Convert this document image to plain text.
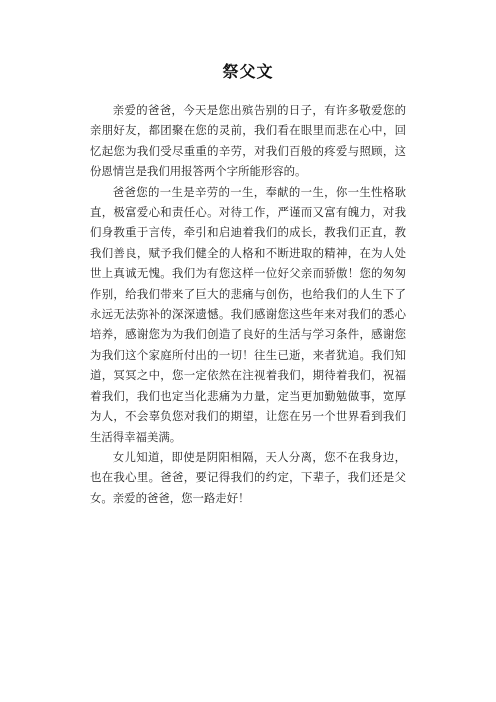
祭父文

亲爱的爸爸，今天是您出殡告别的日子，有许多敬爱您的亲朋好友，都团聚在您的灵前，我们看在眼里而悲在心中，回忆起您为我们受尽重重的辛劳，对我们百般的疼爱与照顾，这份恩情岂是我们用报答两个字所能形容的。

爸爸您的一生是辛劳的一生，奉献的一生，你一生性格耿直，极富爱心和责任心。对待工作，严谨而又富有魄力，对我们身教重于言传，牵引和启迪着我们的成长，教我们正直，教我们善良，赋予我们健全的人格和不断进取的精神，在为人处世上真诚无愧。我们为有您这样一位好父亲而骄傲！您的匆匆作别，给我们带来了巨大的悲痛与创伤，也给我们的人生下了永远无法弥补的深深遗憾。我们感谢您这些年来对我们的悉心培养，感谢您为为我们创造了良好的生活与学习条件，感谢您为我们这个家庭所付出的一切！往生已逝，来者犹追。我们知道，冥冥之中，您一定依然在注视着我们，期待着我们，祝福着我们，我们也定当化悲痛为力量，定当更加勤勉做事，宽厚为人，不会辜负您对我们的期望，让您在另一个世界看到我们生活得幸福美满。

女儿知道，即使是阴阳相隔，天人分离，您不在我身边，也在我心里。爸爸，要记得我们的约定，下辈子，我们还是父女。亲爱的爸爸，您一路走好！
